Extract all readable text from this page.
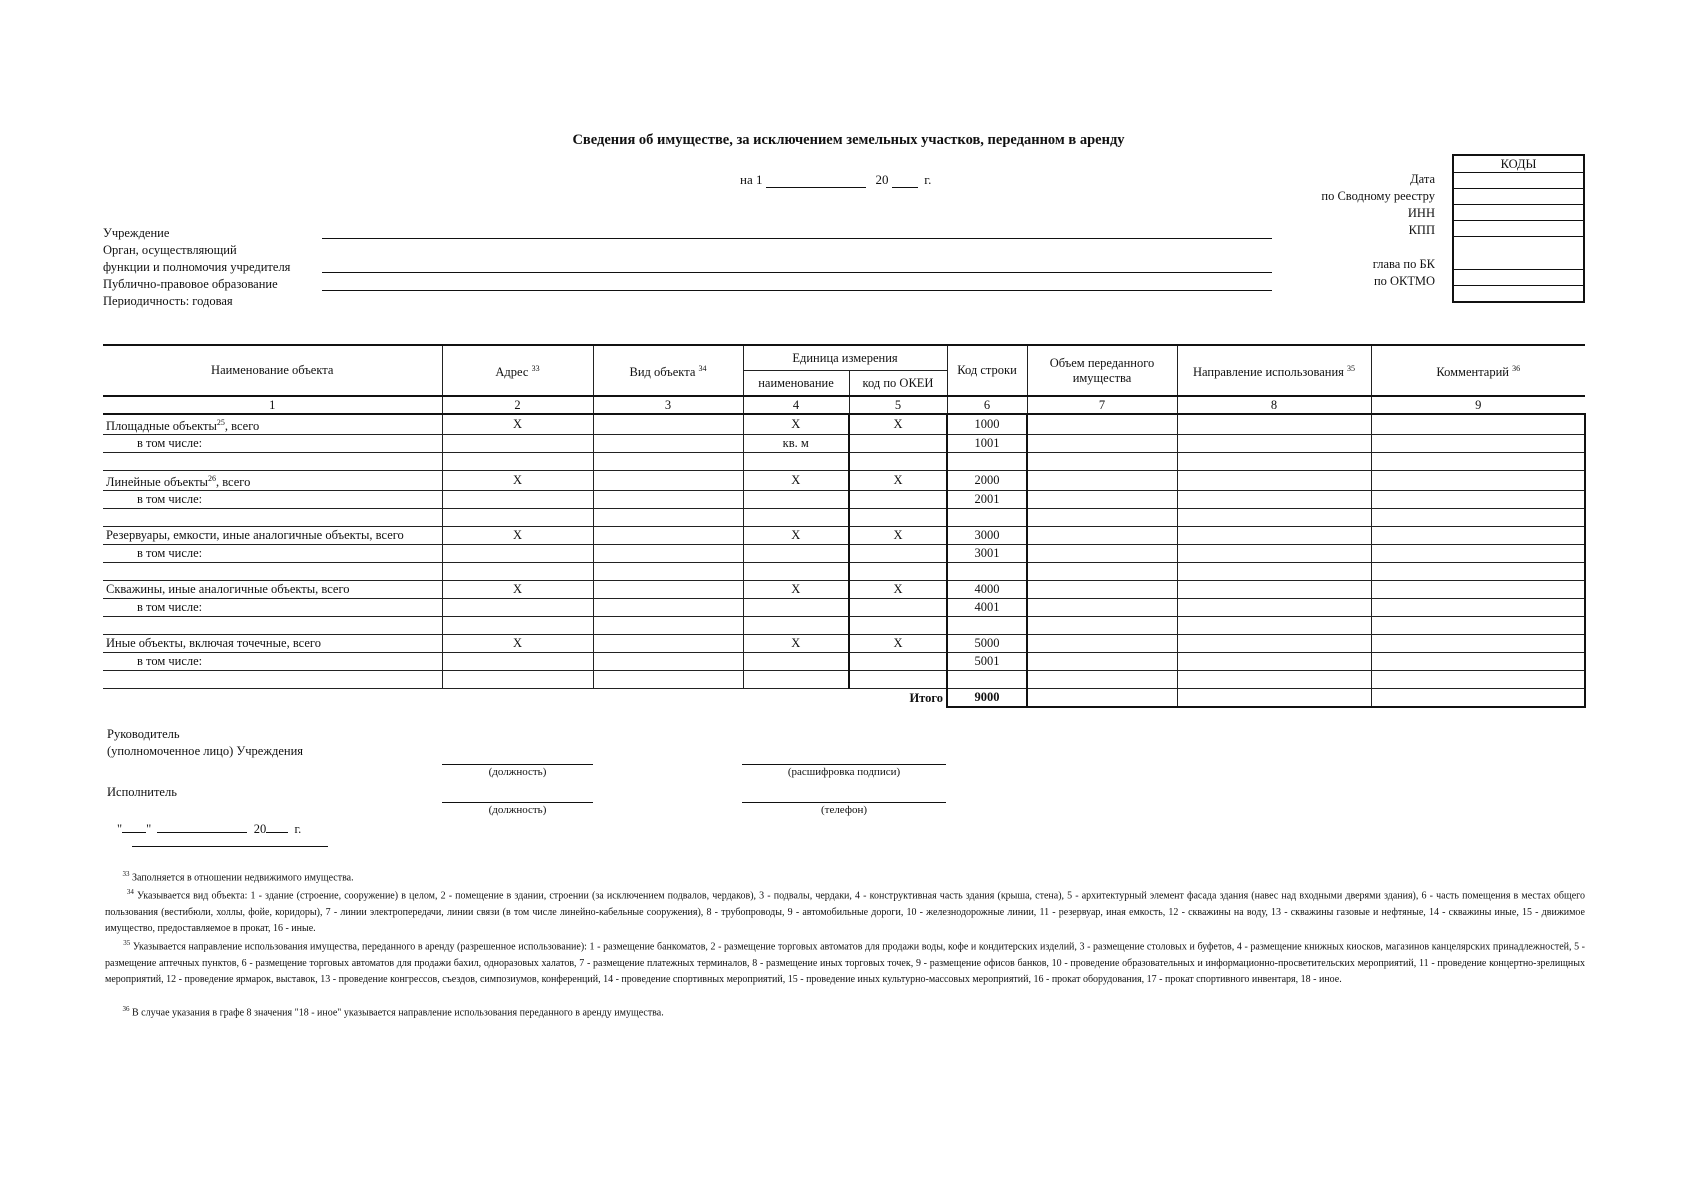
Сведения об имуществе, за исключением земельных участков, переданном в аренду
на 1	20	г.
Учреждение
Орган, осуществляющий
функции и полномочия учредителя
Публично-правовое образование
Периодичность: годовая
Дата
по Сводному реестру
ИНН
КПП
глава по БК
по ОКТМО
КОДЫ

Наименование объекта	Адрес $^{33}$	Вид объекта $^{34}$	Единица измерения		Код строки	Объем переданного имущества	Направление использования $^{35}$	Комментарий $^{36}$
			наименование	код по ОКЕИ				
1	2	3	4	5	6	7	8	9
Площадные объекты$^{25}$, всего	X		X	X	1000			
в том числе:			кв. м		1001			

Линейные объекты$^{26}$, всего	X		X	X	2000			
в том числе:					2001			

Резервуары, емкости, иные аналогичные объекты, всего	X		X	X	3000			
в том числе:					3001			

Скважины, иные аналогичные объекты, всего	X		X	X	4000			
в том числе:					4001			

Иные объекты, включая точечные, всего	X		X	X	5000			
в том числе:					5001			

				Итого	9000			
Руководитель
(уполномоченное лицо) Учреждения
(должность)	(расшифровка подписи)
Исполнитель
(должность)	(телефон)
" "	20 г.
$^{33}$ Заполняется в отношении недвижимого имущества.
$^{34}$ Указывается вид объекта: 1 - здание (строение, сооружение) в целом, 2 - помещение в здании, строении (за исключением подвалов, чердаков), 3 - подвалы, чердаки, 4 - конструктивная часть здания (крыша, стена), 5 - архитектурный элемент фасада здания (навес над входными дверями здания), 6 - часть помещения в местах общего пользования (вестибюли, холлы, фойе, коридоры), 7 - линии электропередачи, линии связи (в том числе линейно-кабельные сооружения), 8 - трубопроводы, 9 - автомобильные дороги, 10 - железнодорожные линии, 11 - резервуар, иная емкость, 12 - скважины на воду, 13 - скважины газовые и нефтяные, 14 - скважины иные, 15 - движимое имущество, предоставляемое в прокат, 16 - иные.
$^{35}$ Указывается направление использования имущества, переданного в аренду (разрешенное использование): 1 - размещение банкоматов, 2 - размещение торговых автоматов для продажи воды, кофе и кондитерских изделий, 3 - размещение столовых и буфетов, 4 - размещение книжных киосков, магазинов канцелярских принадлежностей, 5 - размещение аптечных пунктов, 6 - размещение торговых автоматов для продажи бахил, одноразовых халатов, 7 - размещение платежных терминалов, 8 - размещение иных торговых точек, 9 - размещение офисов банков, 10 - проведение образовательных и информационно-просветительских мероприятий, 11 - проведение концертно-зрелищных мероприятий, 12 - проведение ярмарок, выставок, 13 - проведение конгрессов, съездов, симпозиумов, конференций, 14 - проведение спортивных мероприятий, 15 - проведение иных культурно-массовых мероприятий, 16 - прокат оборудования, 17 - прокат спортивного инвентаря, 18 - иное.
$^{36}$ В случае указания в графе 8 значения "18 - иное" указывается направление использования переданного в аренду имущества.
